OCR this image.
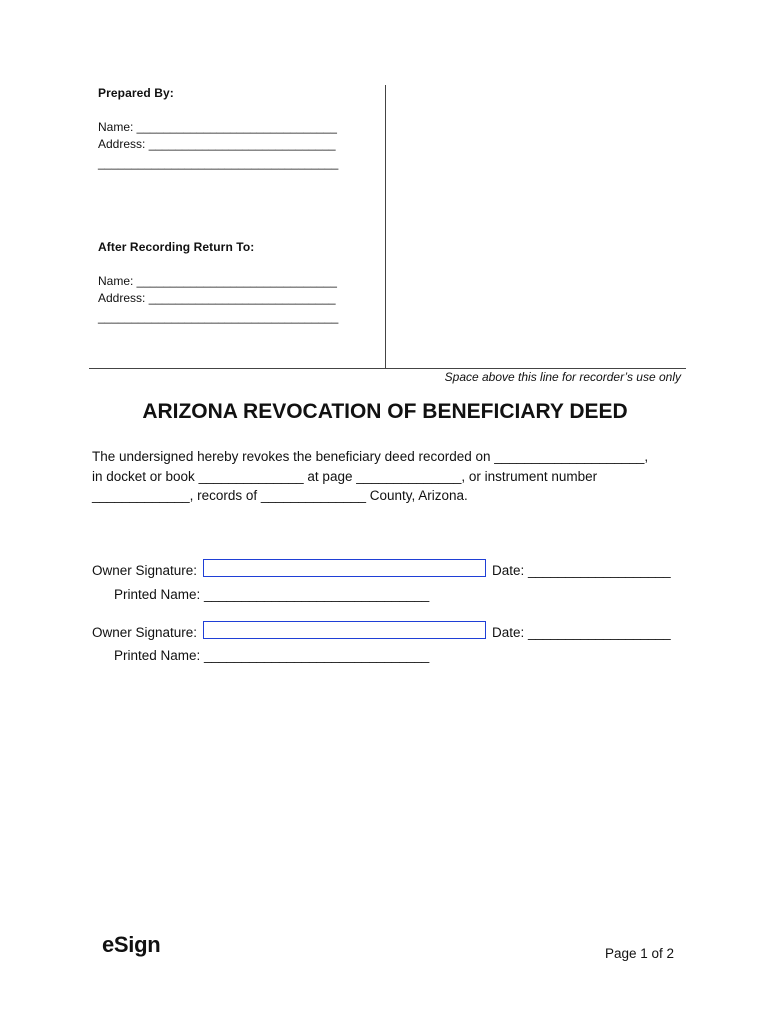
Prepared By:
Name: ______________________________
Address: ____________________________
____________________________________
After Recording Return To:
Name: ______________________________
Address: ____________________________
____________________________________
Space above this line for recorder’s use only
ARIZONA REVOCATION OF BENEFICIARY DEED
The undersigned hereby revokes the beneficiary deed recorded on ____________________,
in docket or book ______________ at page ______________, or instrument number
_____________, records of ______________ County, Arizona.
Owner Signature:	Date: ___________________
Printed Name: ______________________________
Owner Signature:	Date: ___________________
Printed Name: ______________________________
eSign	Page 1 of 2
